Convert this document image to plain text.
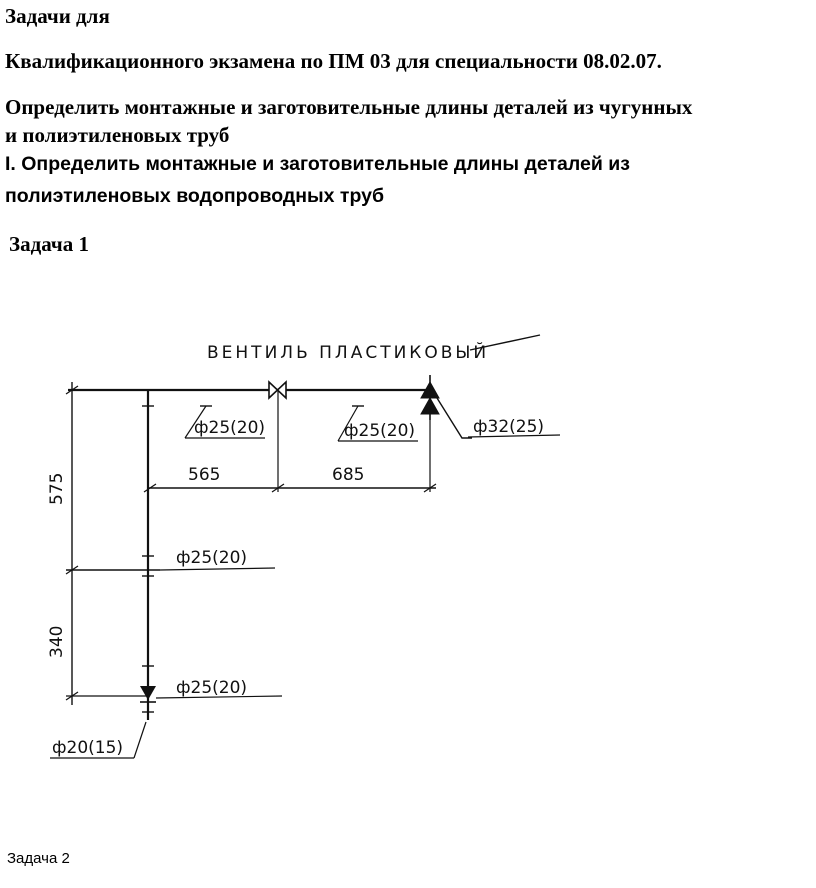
Задачи для

Квалификационного экзамена по ПМ 03 для специальности 08.02.07.

Определить монтажные и заготовительные длины деталей из чугунных

и полиэтиленовых труб

I. Определить монтажные и заготовительные длины деталей из

полиэтиленовых водопроводных труб

Задача 1

ВЕНТИЛЬ ПЛАСТИКОВЫЙ
565	685
575
340
ф25(20)	ф25(20)	ф32(25)
ф25(20)
ф25(20)
ф20(15)

Задача 2
